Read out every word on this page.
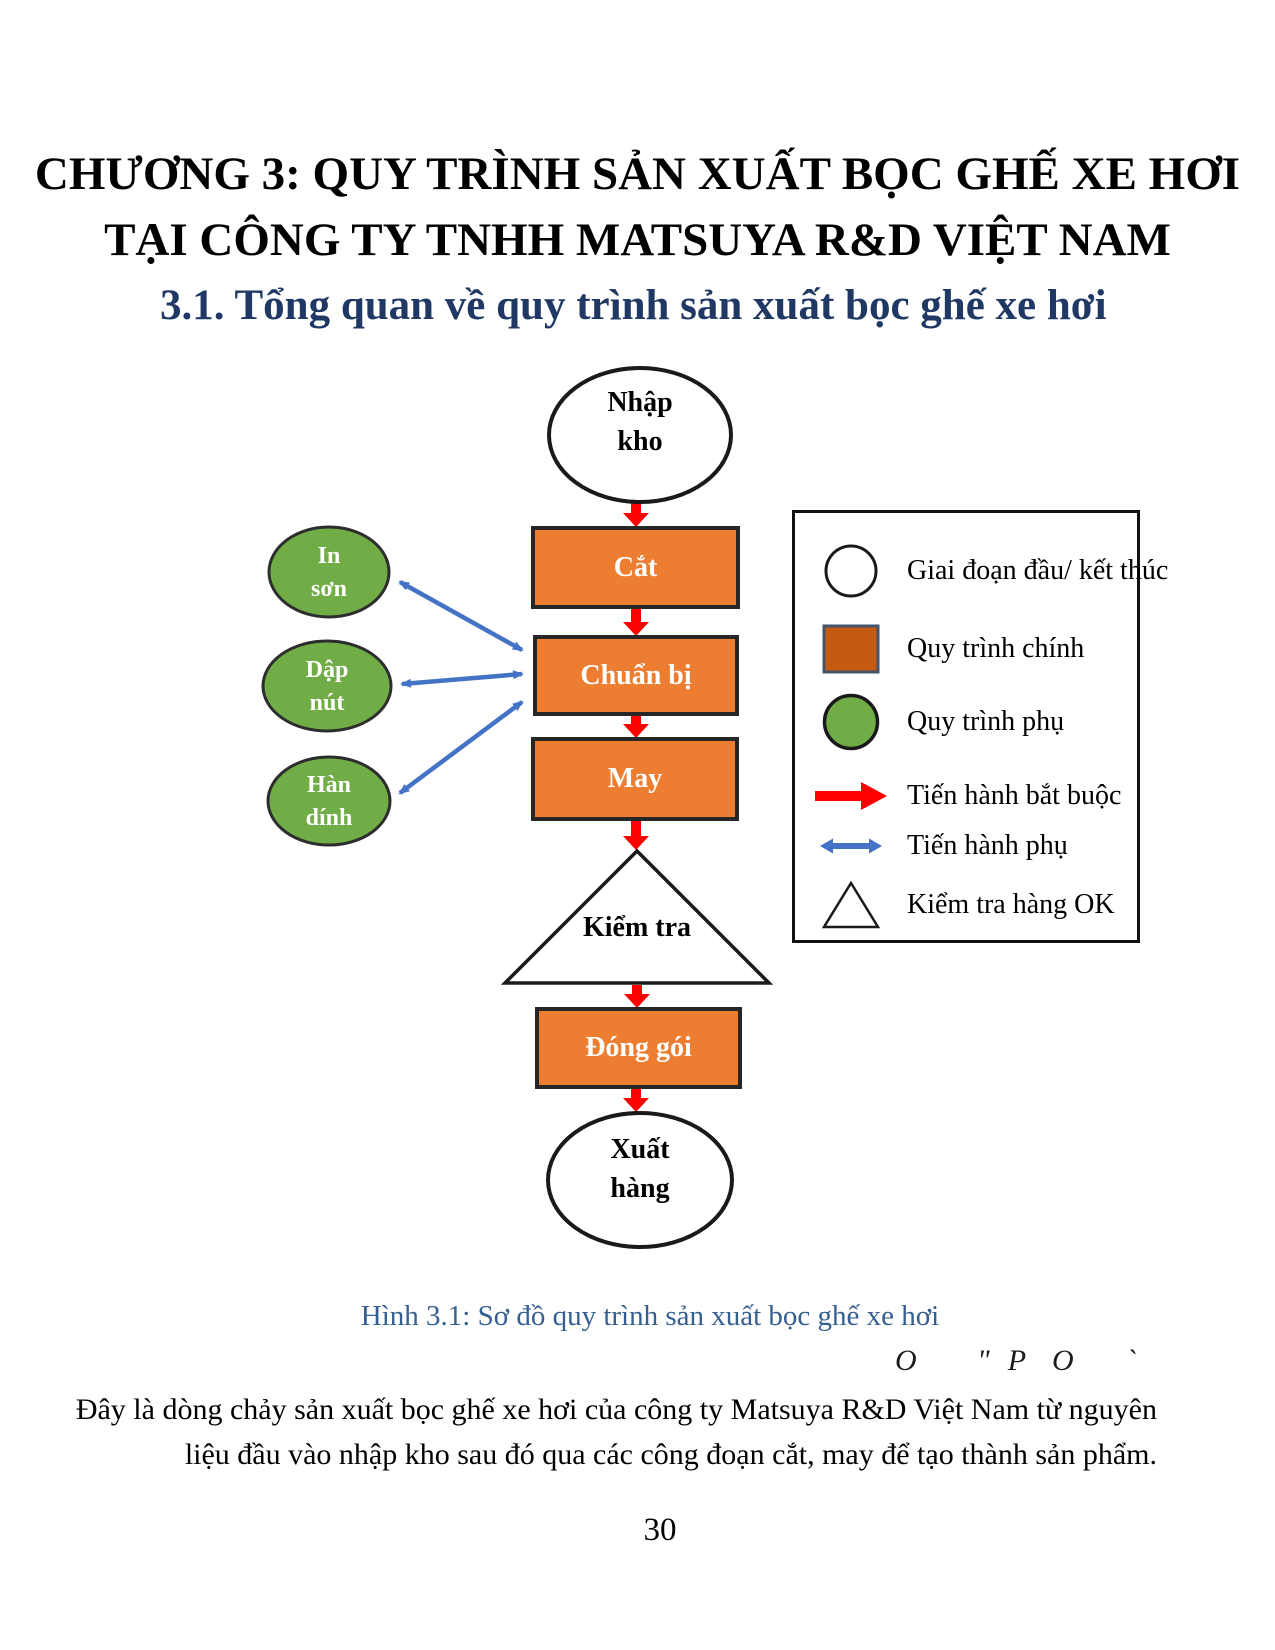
CHƯƠNG 3: QUY TRÌNH SẢN XUẤT BỌC GHẾ XE HƠI
TẠI CÔNG TY TNHH MATSUYA R&D VIỆT NAM
3.1. Tổng quan về quy trình sản xuất bọc ghế xe hơi
Nhập
kho
Cắt
Chuẩn bị
May
Kiểm tra
Đóng gói
Xuất
hàng
In
sơn
Dập
nút
Hàn
dính
Giai đoạn đầu/ kết thúc
Quy trình chính
Quy trình phụ
Tiến hành bắt buộc
Tiến hành phụ
Kiểm tra hàng OK
Hình 3.1: Sơ đồ quy trình sản xuất bọc ghế xe hơi
O       "  P   O      `
Đây là dòng chảy sản xuất bọc ghế xe hơi của công ty Matsuya R&D Việt Nam từ nguyên
liệu đầu vào nhập kho sau đó qua các công đoạn cắt, may để tạo thành sản phẩm.
30
